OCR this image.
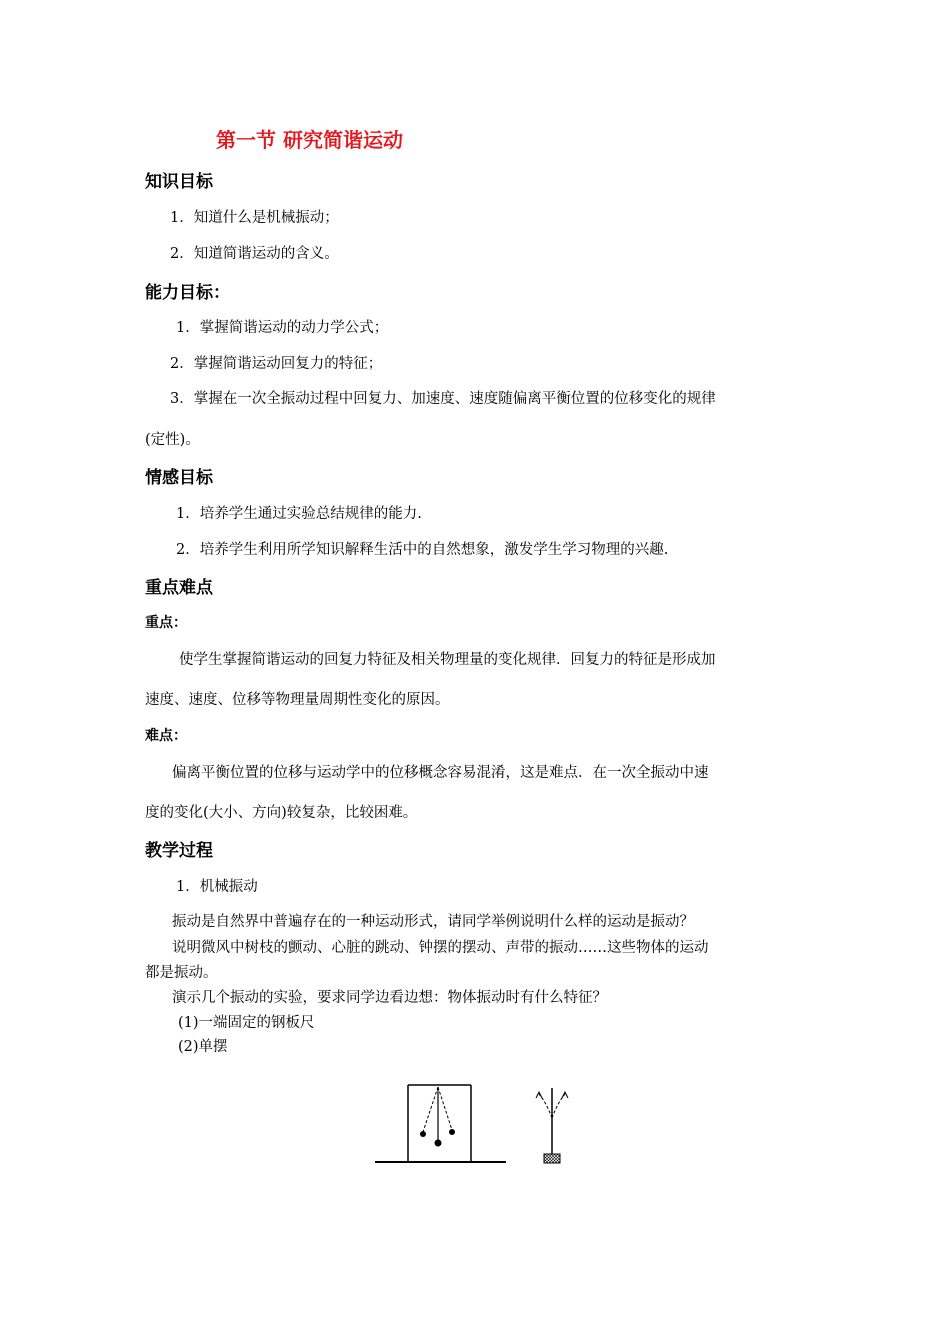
第一节 研究简谐运动
知识目标
1．知道什么是机械振动；
2．知道简谐运动的含义。
能力目标：
1．掌握简谐运动的动力学公式；
2．掌握简谐运动回复力的特征；
3．掌握在一次全振动过程中回复力、加速度、速度随偏离平衡位置的位移变化的规律
(定性)。
情感目标
1．培养学生通过实验总结规律的能力.
2．培养学生利用所学知识解释生活中的自然想象，激发学生学习物理的兴趣.
重点难点
重点：
使学生掌握简谐运动的回复力特征及相关物理量的变化规律．回复力的特征是形成加
速度、速度、位移等物理量周期性变化的原因。
难点：
偏离平衡位置的位移与运动学中的位移概念容易混淆，这是难点．在一次全振动中速
度的变化(大小、方向)较复杂，比较困难。
教学过程
1．机械振动
振动是自然界中普遍存在的一种运动形式，请同学举例说明什么样的运动是振动？
说明微风中树枝的颤动、心脏的跳动、钟摆的摆动、声带的振动……这些物体的运动
都是振动。
演示几个振动的实验，要求同学边看边想：物体振动时有什么特征？
(1)一端固定的钢板尺
(2)单摆
